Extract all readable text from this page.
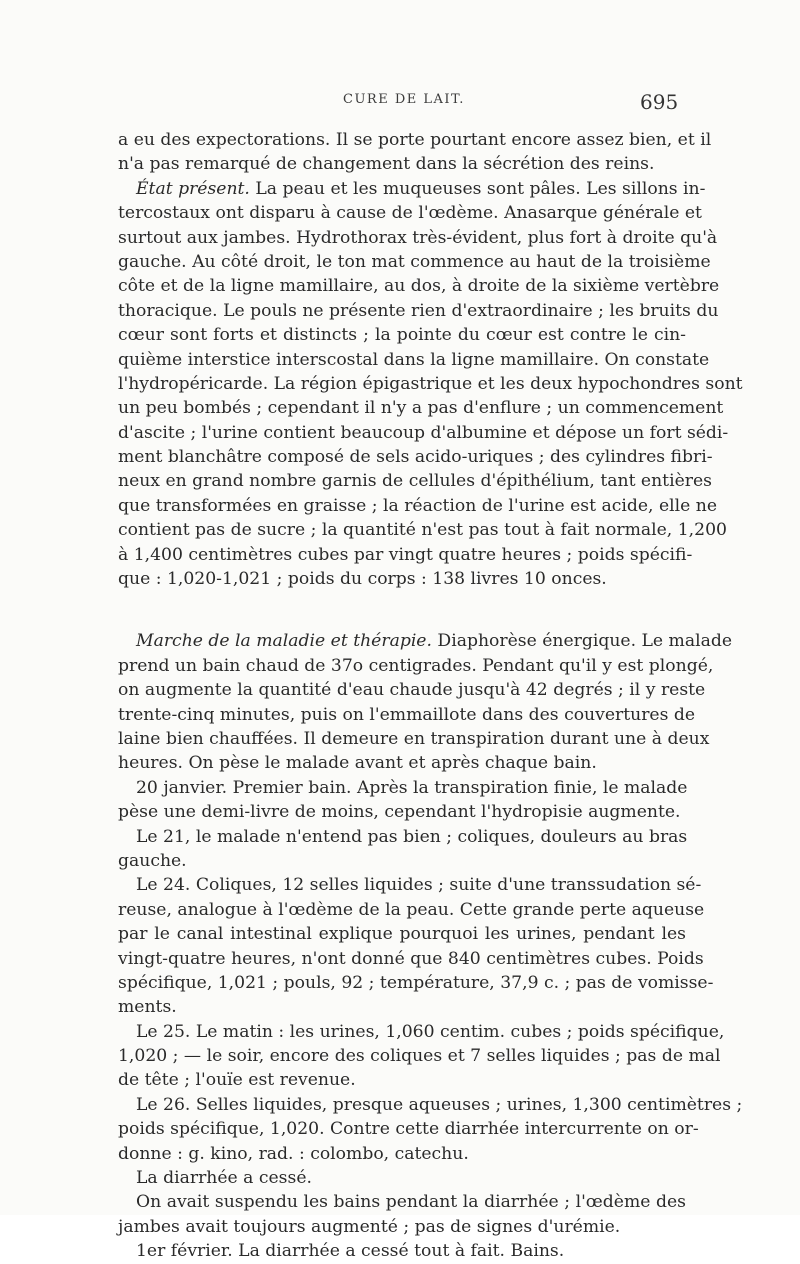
CURE DE LAIT.	695
a eu des expectorations. Il se porte pourtant encore assez bien, et il
n'a pas remarqué de changement dans la sécrétion des reins.
État présent. La peau et les muqueuses sont pâles. Les sillons in-
tercostaux ont disparu à cause de l'œdème. Anasarque générale et
surtout aux jambes. Hydrothorax très-évident, plus fort à droite qu'à
gauche. Au côté droit, le ton mat commence au haut de la troisième
côte et de la ligne mamillaire, au dos, à droite de la sixième vertèbre
thoracique. Le pouls ne présente rien d'extraordinaire ; les bruits du
cœur sont forts et distincts ; la pointe du cœur est contre le cin-
quième interstice interscostal dans la ligne mamillaire. On constate
l'hydropéricarde. La région épigastrique et les deux hypochondres sont
un peu bombés ; cependant il n'y a pas d'enflure ; un commencement
d'ascite ; l'urine contient beaucoup d'albumine et dépose un fort sédi-
ment blanchâtre composé de sels acido-uriques ; des cylindres fibri-
neux en grand nombre garnis de cellules d'épithélium, tant entières
que transformées en graisse ; la réaction de l'urine est acide, elle ne
contient pas de sucre ; la quantité n'est pas tout à fait normale, 1,200
à 1,400 centimètres cubes par vingt quatre heures ; poids spécifi-
que : 1,020-1,021 ; poids du corps : 138 livres 10 onces.
Marche de la maladie et thérapie. Diaphorèse énergique. Le malade
prend un bain chaud de 37o centigrades. Pendant qu'il y est plongé,
on augmente la quantité d'eau chaude jusqu'à 42 degrés ; il y reste
trente-cinq minutes, puis on l'emmaillote dans des couvertures de
laine bien chauffées. Il demeure en transpiration durant une à deux
heures. On pèse le malade avant et après chaque bain.
20 janvier. Premier bain. Après la transpiration finie, le malade
pèse une demi-livre de moins, cependant l'hydropisie augmente.
Le 21, le malade n'entend pas bien ; coliques, douleurs au bras
gauche.
Le 24. Coliques, 12 selles liquides ; suite d'une transsudation sé-
reuse, analogue à l'œdème de la peau. Cette grande perte aqueuse
par le canal intestinal explique pourquoi les urines, pendant les
vingt-quatre heures, n'ont donné que 840 centimètres cubes. Poids
spécifique, 1,021 ; pouls, 92 ; température, 37,9 c. ; pas de vomisse-
ments.
Le 25. Le matin : les urines, 1,060 centim. cubes ; poids spécifique,
1,020 ; — le soir, encore des coliques et 7 selles liquides ; pas de mal
de tête ; l'ouïe est revenue.
Le 26. Selles liquides, presque aqueuses ; urines, 1,300 centimètres ;
poids spécifique, 1,020. Contre cette diarrhée intercurrente on or-
donne : g. kino, rad. : colombo, catechu.
La diarrhée a cessé.
On avait suspendu les bains pendant la diarrhée ; l'œdème des
jambes avait toujours augmenté ; pas de signes d'urémie.
1er février. La diarrhée a cessé tout à fait. Bains.
